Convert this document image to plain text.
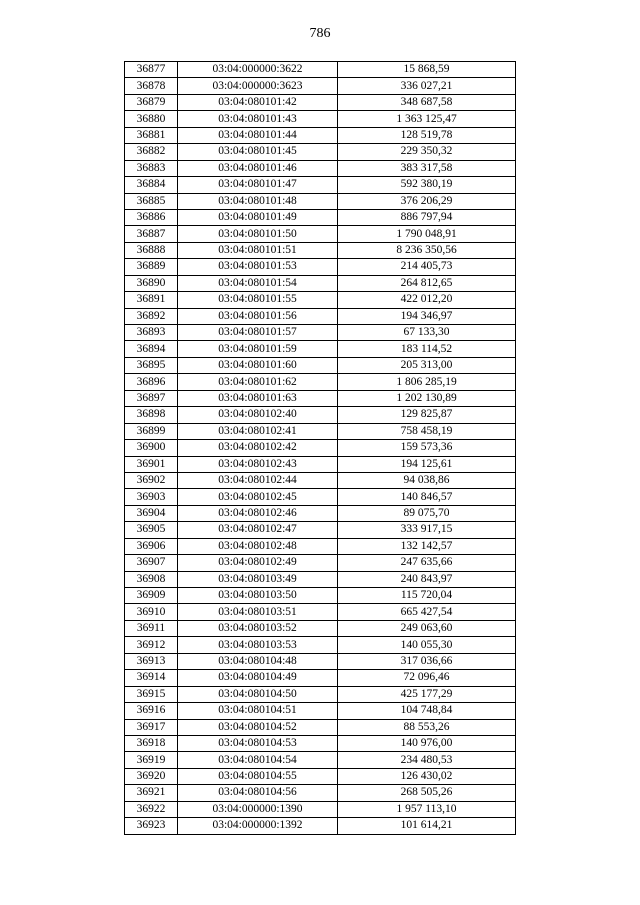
786
36877	03:04:000000:3622	15 868,59
36878	03:04:000000:3623	336 027,21
36879	03:04:080101:42	348 687,58
36880	03:04:080101:43	1 363 125,47
36881	03:04:080101:44	128 519,78
36882	03:04:080101:45	229 350,32
36883	03:04:080101:46	383 317,58
36884	03:04:080101:47	592 380,19
36885	03:04:080101:48	376 206,29
36886	03:04:080101:49	886 797,94
36887	03:04:080101:50	1 790 048,91
36888	03:04:080101:51	8 236 350,56
36889	03:04:080101:53	214 405,73
36890	03:04:080101:54	264 812,65
36891	03:04:080101:55	422 012,20
36892	03:04:080101:56	194 346,97
36893	03:04:080101:57	67 133,30
36894	03:04:080101:59	183 114,52
36895	03:04:080101:60	205 313,00
36896	03:04:080101:62	1 806 285,19
36897	03:04:080101:63	1 202 130,89
36898	03:04:080102:40	129 825,87
36899	03:04:080102:41	758 458,19
36900	03:04:080102:42	159 573,36
36901	03:04:080102:43	194 125,61
36902	03:04:080102:44	94 038,86
36903	03:04:080102:45	140 846,57
36904	03:04:080102:46	89 075,70
36905	03:04:080102:47	333 917,15
36906	03:04:080102:48	132 142,57
36907	03:04:080102:49	247 635,66
36908	03:04:080103:49	240 843,97
36909	03:04:080103:50	115 720,04
36910	03:04:080103:51	665 427,54
36911	03:04:080103:52	249 063,60
36912	03:04:080103:53	140 055,30
36913	03:04:080104:48	317 036,66
36914	03:04:080104:49	72 096,46
36915	03:04:080104:50	425 177,29
36916	03:04:080104:51	104 748,84
36917	03:04:080104:52	88 553,26
36918	03:04:080104:53	140 976,00
36919	03:04:080104:54	234 480,53
36920	03:04:080104:55	126 430,02
36921	03:04:080104:56	268 505,26
36922	03:04:000000:1390	1 957 113,10
36923	03:04:000000:1392	101 614,21
